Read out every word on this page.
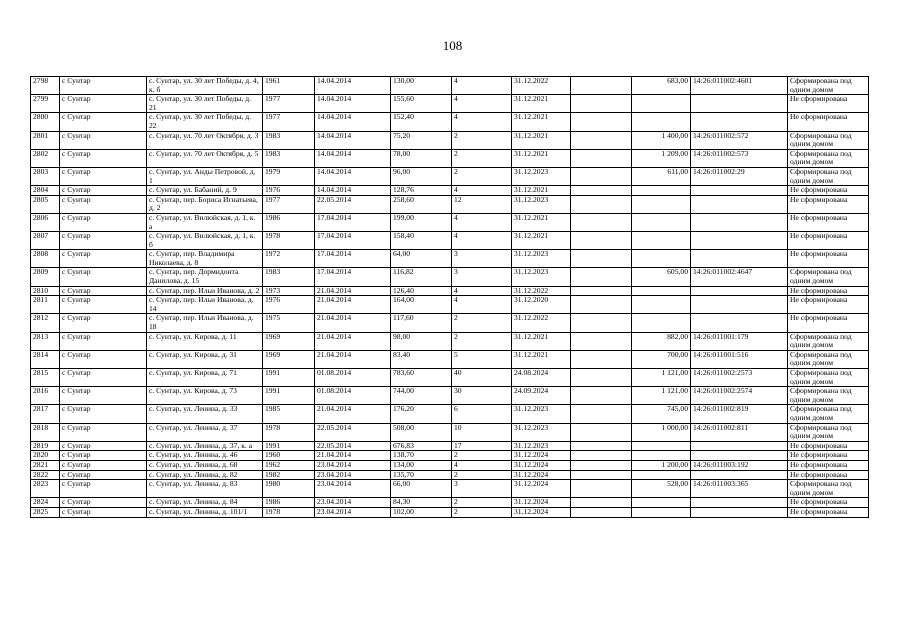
108
2798	с Сунтар	с. Сунтар, ул. 30 лет Победы, д. 4, к. б	1961	14.04.2014	130,00	4	31.12.2022		683,00	14:26:011002:4601	Сформирована под одним домом
2799	с Сунтар	с. Сунтар, ул. 30 лет Победы, д. 21	1977	14.04.2014	155,60	4	31.12.2021				Не сформирована
2800	с Сунтар	с. Сунтар, ул. 30 лет Победы, д. 22	1977	14.04.2014	152,40	4	31.12.2021				Не сформирована
2801	с Сунтар	с. Сунтар, ул. 70 лет Октября, д. 3	1983	14.04.2014	75,20	2	31.12.2021		1 400,00	14:26:011002:572	Сформирована под одним домом
2802	с Сунтар	с. Сунтар, ул. 70 лет Октября, д. 5	1983	14.04.2014	78,00	2	31.12.2021		1 209,00	14:26:011002:573	Сформирована под одним домом
2803	с Сунтар	с. Сунтар, ул. Анды Петровой, д. 1	1979	14.04.2014	96,00	2	31.12.2023		611,00	14:26:011002:29	Сформирована под одним домом
2804	с Сунтар	с. Сунтар, ул. Бабаний, д. 9	1976	14.04.2014	128,76	4	31.12.2021				Не сформирована
2805	с Сунтар	с. Сунтар, пер. Бориса Игнатьева, д. 2	1977	22.05.2014	258,60	12	31.12.2023				Не сформирована
2806	с Сунтар	с. Сунтар, ул. Вилюйская, д. 1, к. а	1986	17.04.2014	199,00	4	31.12.2021				Не сформирована
2807	с Сунтар	с. Сунтар, ул. Вилюйская, д. 1, к. б	1978	17.04.2014	158,40	4	31.12.2021				Не сформирована
2808	с Сунтар	с. Сунтар, пер. Владимира Николаева, д. 8	1972	17.04.2014	64,00	3	31.12.2023				Не сформирована
2809	с Сунтар	с. Сунтар, пер. Дормидонта Данилова, д. 15	1983	17.04.2014	116,82	3	31.12.2023		605,00	14:26:011002:4647	Сформирована под одним домом
2810	с Сунтар	с. Сунтар, пер. Ильи Иванова, д. 2	1973	21.04.2014	126,40	4	31.12.2022				Не сформирована
2811	с Сунтар	с. Сунтар, пер. Ильи Иванова, д. 14	1976	21.04.2014	164,00	4	31.12.2020				Не сформирована
2812	с Сунтар	с. Сунтар, пер. Ильи Иванова, д. 18	1975	21.04.2014	117,60	2	31.12.2022				Не сформирована
2813	с Сунтар	с. Сунтар, ул. Кирова, д. 11	1969	21.04.2014	98,00	2	31.12.2021		882,00	14:26:011001:179	Сформирована под одним домом
2814	с Сунтар	с. Сунтар, ул. Кирова, д. 31	1969	21.04.2014	83,40	5	31.12.2021		700,00	14:26:011001:516	Сформирована под одним домом
2815	с Сунтар	с. Сунтар, ул. Кирова, д. 71	1991	01.08.2014	783,60	40	24.08.2024		1 121,00	14:26:011002:2573	Сформирована под одним домом
2816	с Сунтар	с. Сунтар, ул. Кирова, д. 73	1991	01.08.2014	744,00	30	24.09.2024		1 121,00	14:26:011002:2574	Сформирована под одним домом
2817	с Сунтар	с. Сунтар, ул. Ленина, д. 33	1985	21.04.2014	176,20	6	31.12.2023		745,00	14:26:011002:819	Сформирована под одним домом
2818	с Сунтар	с. Сунтар, ул. Ленина, д. 37	1978	22.05.2014	508,00	10	31.12.2023		1 000,00	14:26:011002:811	Сформирована под одним домом
2819	с Сунтар	с. Сунтар, ул. Ленина, д. 37, к. а	1991	22.05.2014	676,83	17	31.12.2023				Не сформирована
2820	с Сунтар	с. Сунтар, ул. Ленина, д. 46	1960	21.04.2014	138,70	2	31.12.2024				Не сформирована
2821	с Сунтар	с. Сунтар, ул. Ленина, д. 68	1962	23.04.2014	134,00	4	31.12.2024		1 200,00	14:26:011003:192	Не сформирована
2822	с Сунтар	с. Сунтар, ул. Ленина, д. 82	1982	23.04.2014	135,70	2	31.12.2024				Не сформирована
2823	с Сунтар	с. Сунтар, ул. Ленина, д. 83	1980	23.04.2014	66,00	3	31.12.2024		528,00	14:26:011003:365	Сформирована под одним домом
2824	с Сунтар	с. Сунтар, ул. Ленина, д. 84	1986	23.04.2014	84,30	2	31.12.2024				Не сформирована
2825	с Сунтар	с. Сунтар, ул. Ленина, д. 101/1	1978	23.04.2014	102,00	2	31.12.2024				Не сформирована
